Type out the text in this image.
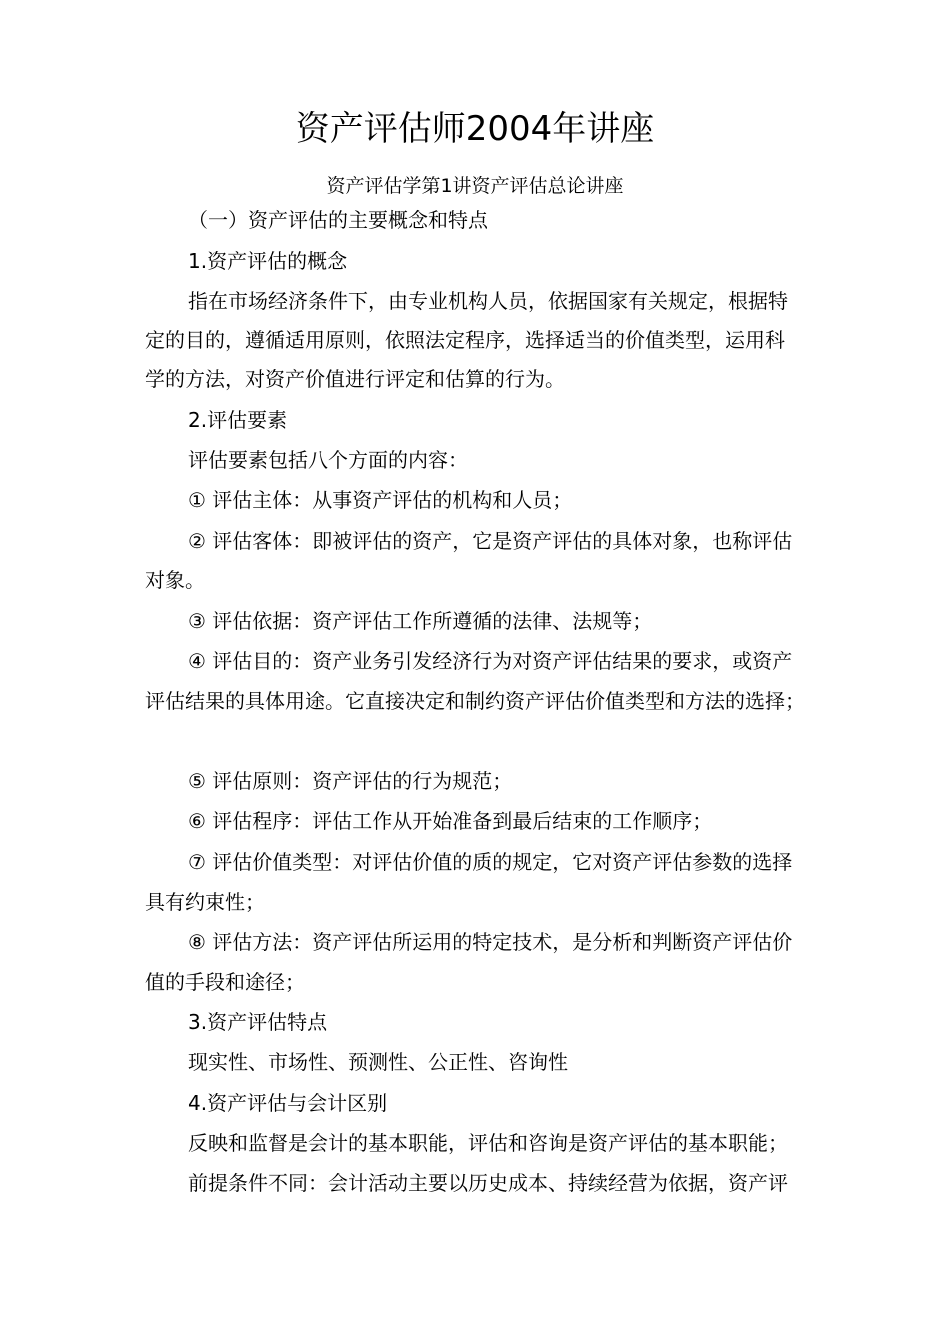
资产评估师2004年讲座
资产评估学第1讲资产评估总论讲座
（一）资产评估的主要概念和特点
1.资产评估的概念
指在市场经济条件下，由专业机构人员，依据国家有关规定，根据特
定的目的，遵循适用原则，依照法定程序，选择适当的价值类型，运用科
学的方法，对资产价值进行评定和估算的行为。
2.评估要素
评估要素包括八个方面的内容：
① 评估主体：从事资产评估的机构和人员；
② 评估客体：即被评估的资产，它是资产评估的具体对象，也称评估
对象。
③ 评估依据：资产评估工作所遵循的法律、法规等；
④ 评估目的：资产业务引发经济行为对资产评估结果的要求，或资产
评估结果的具体用途。它直接决定和制约资产评估价值类型和方法的选择；
⑤ 评估原则：资产评估的行为规范；
⑥ 评估程序：评估工作从开始准备到最后结束的工作顺序；
⑦ 评估价值类型：对评估价值的质的规定，它对资产评估参数的选择
具有约束性；
⑧ 评估方法：资产评估所运用的特定技术，是分析和判断资产评估价
值的手段和途径；
3.资产评估特点
现实性、市场性、预测性、公正性、咨询性
4.资产评估与会计区别
反映和监督是会计的基本职能，评估和咨询是资产评估的基本职能；
前提条件不同：会计活动主要以历史成本、持续经营为依据，资产评
